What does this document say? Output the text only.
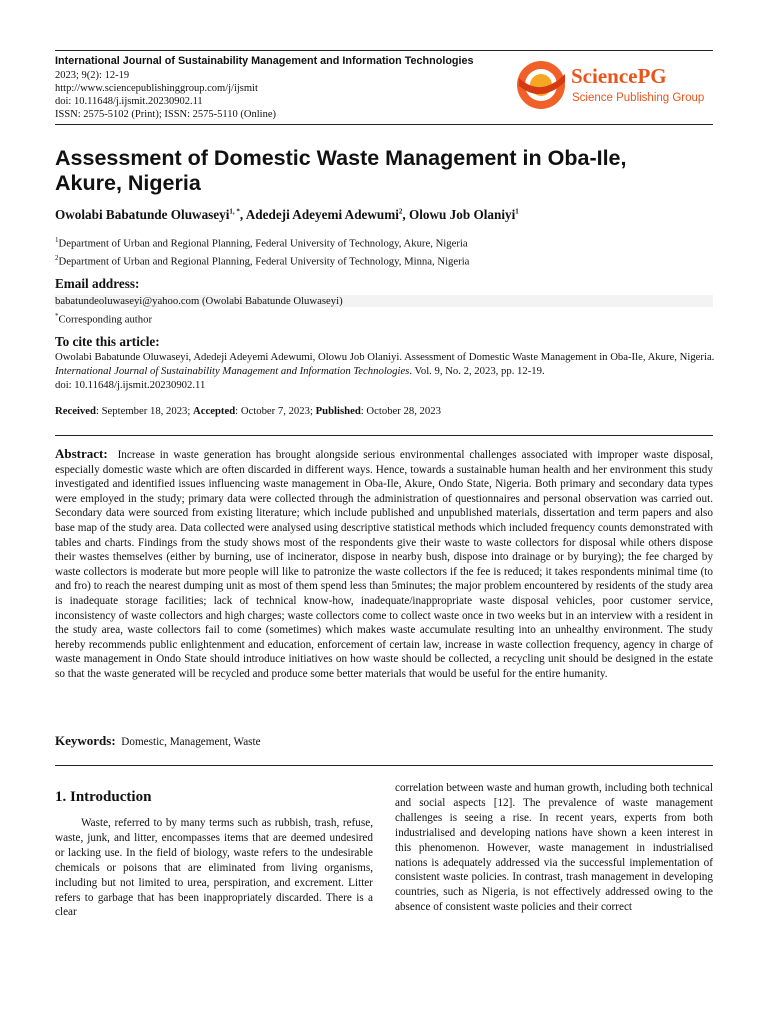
International Journal of Sustainability Management and Information Technologies
2023; 9(2): 12-19
http://www.sciencepublishinggroup.com/j/ijsmit
doi: 10.11648/j.ijsmit.20230902.11
ISSN: 2575-5102 (Print); ISSN: 2575-5110 (Online)
SciencePG
Science Publishing Group
Assessment of Domestic Waste Management in Oba-Ile,
Akure, Nigeria
Owolabi Babatunde Oluwaseyi$^{1, *}$, Adedeji Adeyemi Adewumi$^2$, Olowu Job Olaniyi$^1$
$^1$Department of Urban and Regional Planning, Federal University of Technology, Akure, Nigeria
$^2$Department of Urban and Regional Planning, Federal University of Technology, Minna, Nigeria
Email address:
babatundeoluwaseyi@yahoo.com (Owolabi Babatunde Oluwaseyi)
*Corresponding author
To cite this article:
Owolabi Babatunde Oluwaseyi, Adedeji Adeyemi Adewumi, Olowu Job Olaniyi. Assessment of Domestic Waste Management in Oba-Ile, Akure, Nigeria. International Journal of Sustainability Management and Information Technologies. Vol. 9, No. 2, 2023, pp. 12-19.
doi: 10.11648/j.ijsmit.20230902.11
Received: September 18, 2023; Accepted: October 7, 2023; Published: October 28, 2023
Abstract: Increase in waste generation has brought alongside serious environmental challenges associated with improper waste disposal, especially domestic waste which are often discarded in different ways. Hence, towards a sustainable human health and her environment this study investigated and identified issues influencing waste management in Oba-Ile, Akure, Ondo State, Nigeria. Both primary and secondary data types were employed in the study; primary data were collected through the administration of questionnaires and personal observation was carried out. Secondary data were sourced from existing literature; which include published and unpublished materials, dissertation and term papers and also base map of the study area. Data collected were analysed using descriptive statistical methods which included frequency counts demonstrated with tables and charts. Findings from the study shows most of the respondents give their waste to waste collectors for disposal while others dispose their wastes themselves (either by burning, use of incinerator, dispose in nearby bush, dispose into drainage or by burying); the fee charged by waste collectors is moderate but more people will like to patronize the waste collectors if the fee is reduced; it takes respondents minimal time (to and fro) to reach the nearest dumping unit as most of them spend less than 5minutes; the major problem encountered by residents of the study area is inadequate storage facilities; lack of technical know-how, inadequate/inappropriate waste disposal vehicles, poor customer service, inconsistency of waste collectors and high charges; waste collectors come to collect waste once in two weeks but in an interview with a resident in the study area, waste collectors fail to come (sometimes) which makes waste accumulate resulting into an unhealthy environment. The study hereby recommends public enlightenment and education, enforcement of certain law, increase in waste collection frequency, agency in charge of waste management in Ondo State should introduce initiatives on how waste should be collected, a recycling unit should be designed in the estate so that the waste generated will be recycled and produce some better materials that would be useful for the entire humanity.
Keywords: Domestic, Management, Waste
1. Introduction
Waste, referred to by many terms such as rubbish, trash, refuse, waste, junk, and litter, encompasses items that are deemed undesired or lacking use. In the field of biology, waste refers to the undesirable chemicals or poisons that are eliminated from living organisms, including but not limited to urea, perspiration, and excrement. Litter refers to garbage that has been inappropriately discarded. There is a clear
correlation between waste and human growth, including both technical and social aspects [12]. The prevalence of waste management challenges is seeing a rise. In recent years, experts from both industrialised and developing nations have shown a keen interest in this phenomenon. However, waste management in industrialised nations is adequately addressed via the successful implementation of consistent waste policies. In contrast, trash management in developing countries, such as Nigeria, is not effectively addressed owing to the absence of consistent waste policies and their correct
